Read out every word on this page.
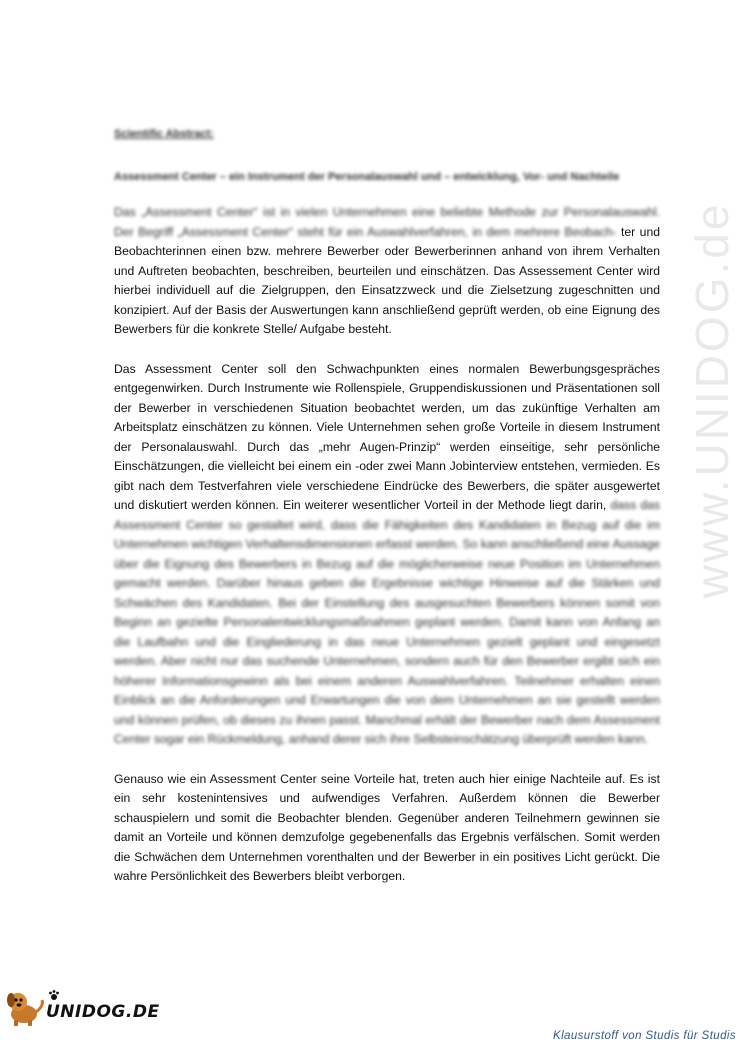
www.UNIDOG.de
Scientific Abstract:
Assessment Center – ein Instrument der Personalauswahl und – entwicklung, Vor- und Nachteile

Das „Assessment Center“ ist in vielen Unternehmen eine beliebte Methode zur Personalauswahl. Der Begriff „Assessment Center“ steht für ein Auswahlverfahren, in dem mehrere Beobach- ter und Beobachterinnen einen bzw. mehrere Bewerber oder Bewerberinnen anhand von ihrem Verhalten und Auftreten beobachten, beschreiben, beurteilen und einschätzen. Das Assessement Center wird hierbei individuell auf die Zielgruppen, den Einsatzzweck und die Zielsetzung zugeschnitten und konzipiert. Auf der Basis der Auswertungen kann anschließend geprüft werden, ob eine Eignung des Bewerbers für die konkrete Stelle/ Aufgabe besteht.

Das Assessment Center soll den Schwachpunkten eines normalen Bewerbungsgespräches entgegenwirken. Durch Instrumente wie Rollenspiele, Gruppendiskussionen und Präsentationen soll der Bewerber in verschiedenen Situation beobachtet werden, um das zukünftige Verhalten am Arbeitsplatz einschätzen zu können. Viele Unternehmen sehen große Vorteile in diesem Instrument der Personalauswahl. Durch das „mehr Augen-Prinzip“ werden einseitige, sehr persönliche Einschätzungen, die vielleicht bei einem ein -oder zwei Mann Jobinterview entstehen, vermieden. Es gibt nach dem Testverfahren viele verschiedene Eindrücke des Bewerbers, die später ausgewertet und diskutiert werden können. Ein weiterer wesentlicher Vorteil in der Methode liegt darin, dass das Assessment Center so gestaltet wird, dass die Fähigkeiten des Kandidaten in Bezug auf die im Unternehmen wichtigen Verhaltensdimensionen erfasst werden. So kann anschließend eine Aussage über die Eignung des Bewerbers in Bezug auf die möglicherweise neue Position im Unternehmen gemacht werden. Darüber hinaus geben die Ergebnisse wichtige Hinweise auf die Stärken und Schwächen des Kandidaten. Bei der Einstellung des ausgesuchten Bewerbers können somit von Beginn an gezielte Personalentwicklungsmaßnahmen geplant werden. Damit kann von Anfang an die Laufbahn und die Eingliederung in das neue Unternehmen gezielt geplant und eingesetzt werden. Aber nicht nur das suchende Unternehmen, sondern auch für den Bewerber ergibt sich ein höherer Informationsgewinn als bei einem anderen Auswahlverfahren. Teilnehmer erhalten einen Einblick an die Anforderungen und Erwartungen die von dem Unternehmen an sie gestellt werden und können prüfen, ob dieses zu ihnen passt. Manchmal erhält der Bewerber nach dem Assessment Center sogar ein Rückmeldung, anhand derer sich ihre Selbsteinschätzung überprüft werden kann.

Genauso wie ein Assessment Center seine Vorteile hat, treten auch hier einige Nachteile auf. Es ist ein sehr kostenintensives und aufwendiges Verfahren. Außerdem können die Bewerber schauspielern und somit die Beobachter blenden. Gegenüber anderen Teilnehmern gewinnen sie damit an Vorteile und können demzufolge gegebenenfalls das Ergebnis verfälschen. Somit werden die Schwächen dem Unternehmen vorenthalten und der Bewerber in ein positives Licht gerückt. Die wahre Persönlichkeit des Bewerbers bleibt verborgen.

UNIDOG.DE
Klausurstoff von Studis für Studis
